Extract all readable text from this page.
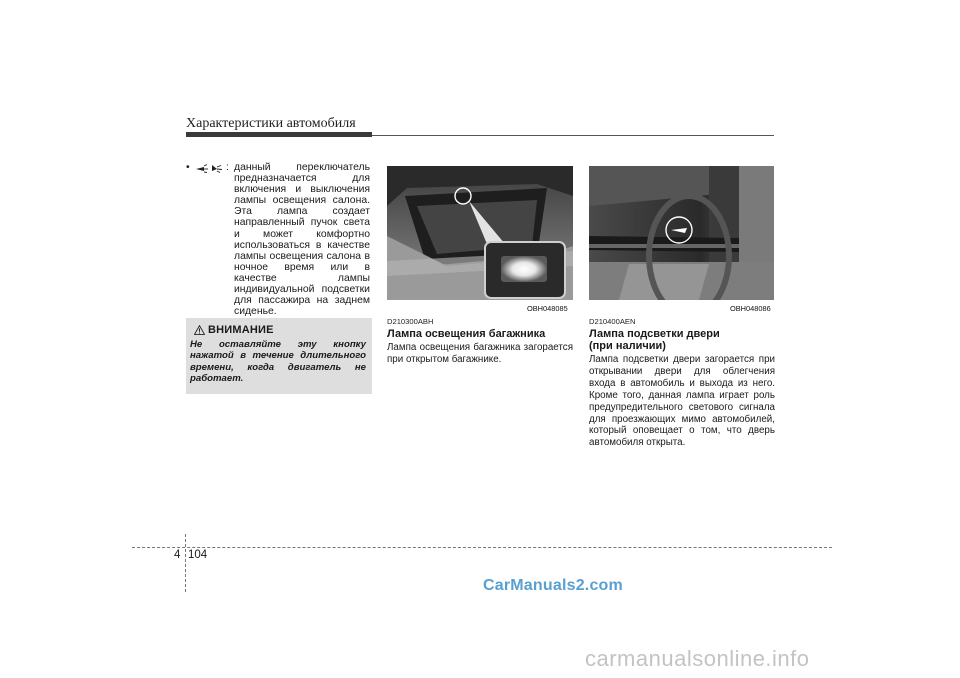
Характеристики автомобиля
•	: данный переключатель предназначается для включения и выключения лампы освещения салона. Эта лампа создает направленный пучок света и может комфортно использоваться в качестве лампы освещения салона в ночное время или в качестве лампы индивидуальной подсветки для пассажира на заднем сиденье.
ВНИМАНИЕ
Не оставляйте эту кнопку нажатой в течение длительного времени, когда двигатель не работает.
OBH048085	OBH048086
D210300ABH
Лампа освещения багажника
Лампа освещения багажника загорается при открытом багажнике.
D210400AEN
Лампа подсветки двери
(при наличии)
Лампа подсветки двери загорается при открывании двери для облегчения входа в автомобиль и выхода из него. Кроме того, данная лампа играет роль предупредительного светового сигнала для проезжающих мимо автомобилей, который оповещает о том, что дверь автомобиля открыта.
4 104
CarManuals2.com
carmanualsonline.info
